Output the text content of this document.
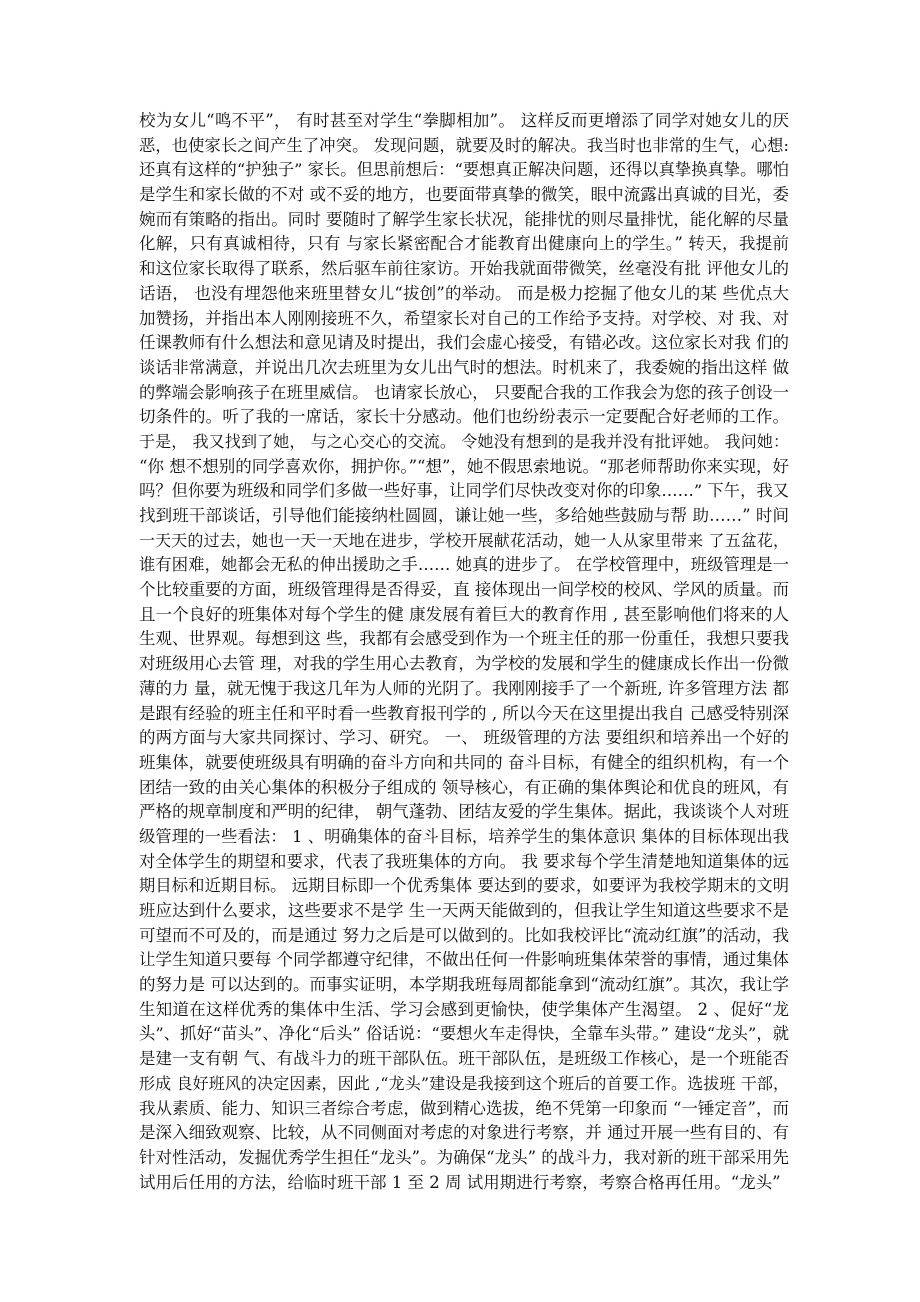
校为女儿“鸣不平”， 有时甚至对学生“拳脚相加”。 这样反而更增添了同学对她女儿的厌
恶，也使家长之间产生了冲突。 发现问题，就要及时的解决。我当时也非常的生气，心想:
还真有这样的“护独子” 家长。但思前想后：“要想真正解决问题，还得以真挚换真挚。哪怕
是学生和家长做的不对 或不妥的地方，也要面带真挚的微笑，眼中流露出真诚的目光，委
婉而有策略的指出。同时 要随时了解学生家长状况，能排忧的则尽量排忧，能化解的尽量
化解，只有真诚相待，只有 与家长紧密配合才能教育出健康向上的学生。” 转天，我提前
和这位家长取得了联系，然后驱车前往家访。开始我就面带微笑，丝毫没有批 评他女儿的
话语， 也没有埋怨他来班里替女儿“拔创”的举动。 而是极力挖掘了他女儿的某 些优点大
加赞扬，并指出本人刚刚接班不久，希望家长对自己的工作给予支持。对学校、对 我、对
任课教师有什么想法和意见请及时提出，我们会虚心接受，有错必改。这位家长对我 们的
谈话非常满意，并说出几次去班里为女儿出气时的想法。时机来了，我委婉的指出这样 做
的弊端会影响孩子在班里威信。 也请家长放心， 只要配合我的工作我会为您的孩子创设一
切条件的。听了我的一席话，家长十分感动。他们也纷纷表示一定要配合好老师的工作。
于是， 我又找到了她， 与之心交心的交流。 令她没有想到的是我并没有批评她。 我问她：
“你 想不想别的同学喜欢你，拥护你。”“想”，她不假思索地说。“那老师帮助你来实现，好
吗？但你要为班级和同学们多做一些好事，让同学们尽快改变对你的印象……” 下午，我又
找到班干部谈话，引导他们能接纳杜圆圆，谦让她一些，多给她些鼓励与帮 助……” 时间
一天天的过去，她也一天一天地在进步，学校开展献花活动，她一人从家里带来 了五盆花，
谁有困难，她都会无私的伸出援助之手…… 她真的进步了。 在学校管理中，班级管理是一
个比较重要的方面，班级管理得是否得妥，直 接体现出一间学校的校风、学风的质量。而
且一个良好的班集体对每个学生的健 康发展有着巨大的教育作用 , 甚至影响他们将来的人
生观、世界观。每想到这 些，我都有会感受到作为一个班主任的那一份重任，我想只要我
对班级用心去管 理，对我的学生用心去教育，为学校的发展和学生的健康成长作出一份微
薄的力 量，就无愧于我这几年为人师的光阴了。我刚刚接手了一个新班, 许多管理方法 都
是跟有经验的班主任和平时看一些教育报刊学的 , 所以今天在这里提出我自 己感受特别深
的两方面与大家共同探讨、学习、研究。 一、 班级管理的方法 要组织和培养出一个好的
班集体，就要使班级具有明确的奋斗方向和共同的 奋斗目标，有健全的组织机构，有一个
团结一致的由关心集体的积极分子组成的 领导核心，有正确的集体舆论和优良的班风，有
严格的规章制度和严明的纪律， 朝气蓬勃、团结友爱的学生集体。据此，我谈谈个人对班
级管理的一些看法： 1 、明确集体的奋斗目标，培养学生的集体意识 集体的目标体现出我
对全体学生的期望和要求，代表了我班集体的方向。 我 要求每个学生清楚地知道集体的远
期目标和近期目标。 远期目标即一个优秀集体 要达到的要求，如要评为我校学期末的文明
班应达到什么要求，这些要求不是学 生一天两天能做到的，但我让学生知道这些要求不是
可望而不可及的，而是通过 努力之后是可以做到的。比如我校评比“流动红旗”的活动，我
让学生知道只要每 个同学都遵守纪律，不做出任何一件影响班集体荣誉的事情，通过集体
的努力是 可以达到的。而事实证明，本学期我班每周都能拿到“流动红旗”。其次，我让学
生知道在这样优秀的集体中生活、学习会感到更愉快，使学集体产生渴望。 2 、促好“龙
头”、抓好“苗头”、净化“后头” 俗话说：“要想火车走得快，全靠车头带。” 建设“龙头”，就
是建一支有朝 气、有战斗力的班干部队伍。班干部队伍，是班级工作核心，是一个班能否
形成 良好班风的决定因素，因此 ,“龙头”建设是我接到这个班后的首要工作。选拔班 干部，
我从素质、能力、知识三者综合考虑，做到精心选拔，绝不凭第一印象而 “一锤定音”，而
是深入细致观察、比较，从不同侧面对考虑的对象进行考察，并 通过开展一些有目的、有
针对性活动，发掘优秀学生担任“龙头”。为确保“龙头” 的战斗力，我对新的班干部采用先
试用后任用的方法，给临时班干部 1 至 2 周 试用期进行考察，考察合格再任用。“龙头”
